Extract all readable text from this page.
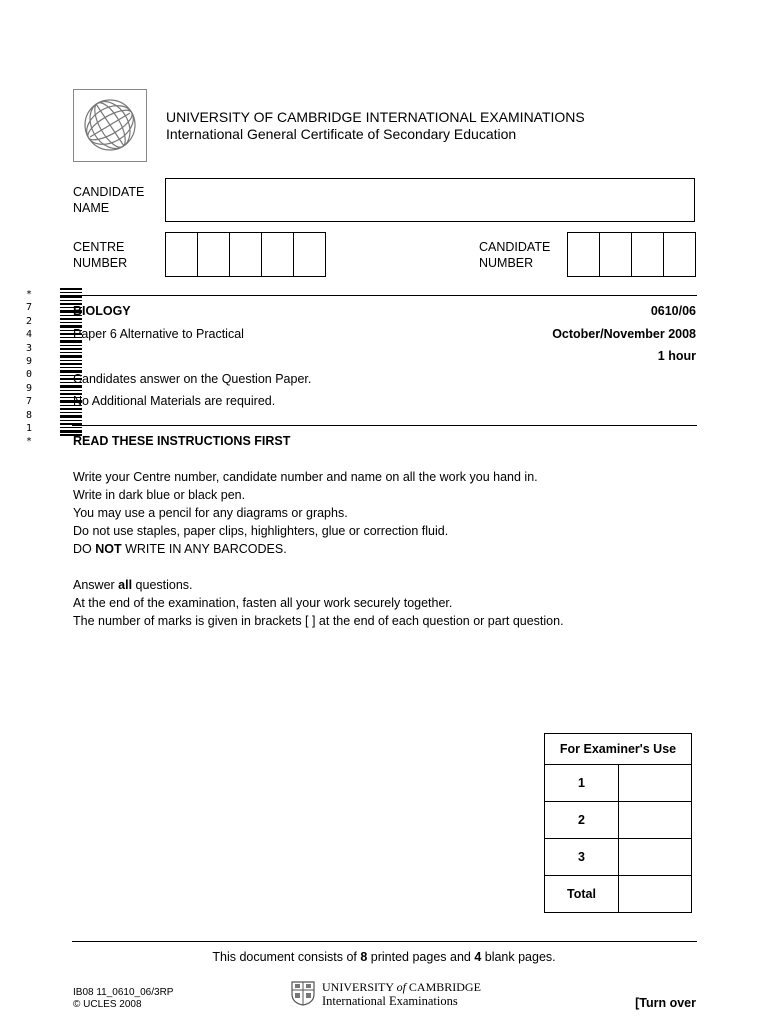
UNIVERSITY OF CAMBRIDGE INTERNATIONAL EXAMINATIONS
International General Certificate of Secondary Education
CANDIDATE
NAME
CENTRE
NUMBER
CANDIDATE
NUMBER
* 7 2 4 3 9 0 9 7 8 1 *
BIOLOGY	0610/06
Paper 6 Alternative to Practical	October/November 2008
1 hour
Candidates answer on the Question Paper.
No Additional Materials are required.
READ THESE INSTRUCTIONS FIRST

Write your Centre number, candidate number and name on all the work you hand in.

Write in dark blue or black pen.

You may use a pencil for any diagrams or graphs.

Do not use staples, paper clips, highlighters, glue or correction fluid.

DO NOT WRITE IN ANY BARCODES.

Answer all questions.

At the end of the examination, fasten all your work securely together.

The number of marks is given in brackets [ ] at the end of each question or part question.

For Examiner's Use	
1	
2	
3	
Total	
This document consists of 8 printed pages and 4 blank pages.
IB08 11_0610_06/3RP
© UCLES 2008
UNIVERSITY of CAMBRIDGE
International Examinations	[Turn over
